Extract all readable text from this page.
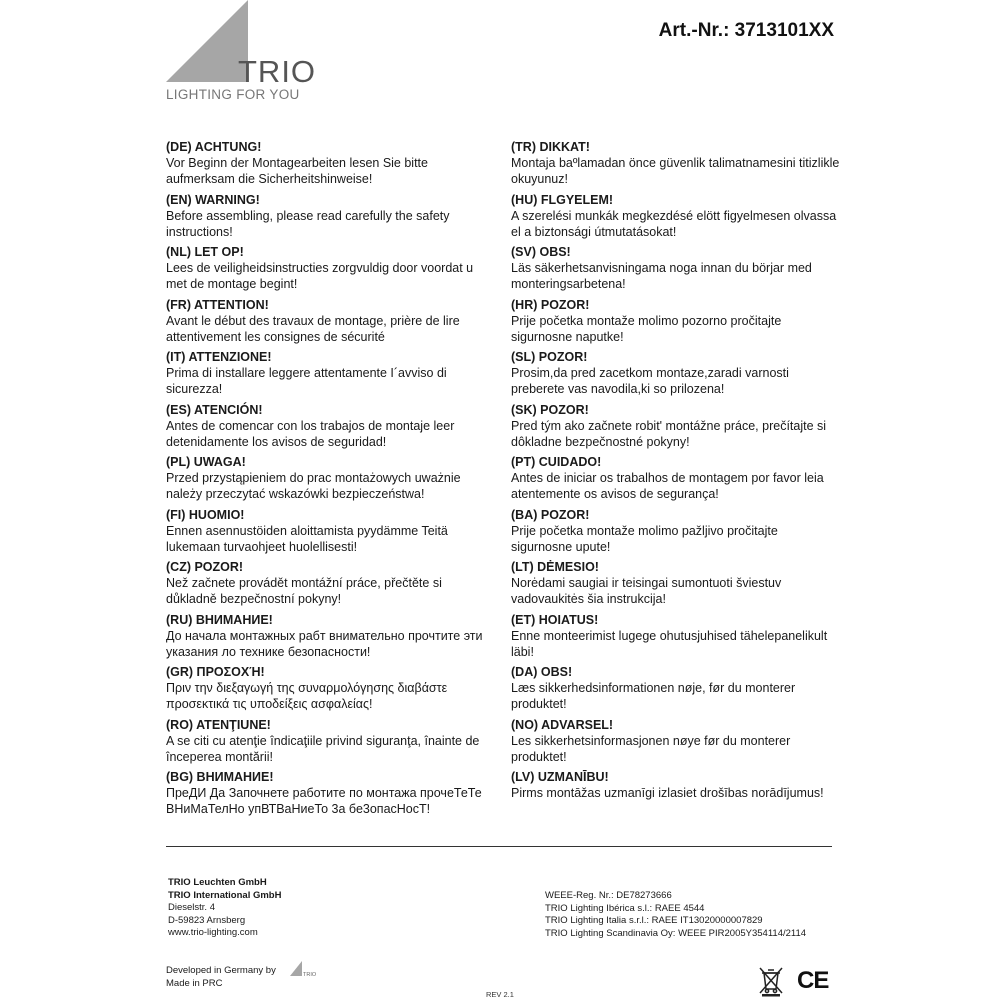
TRIO
LIGHTING FOR YOU
Art.-Nr.: 3713101XX
(DE) ACHTUNG!
Vor Beginn der Montagearbeiten lesen Sie bitte aufmerksam die Sicherheitshinweise!
(EN) WARNING!
Before assembling, please read carefully the safety instructions!
(NL) LET OP!
Lees de veiligheidsinstructies zorgvuldig door voordat u met de montage begint!
(FR) ATTENTION!
Avant le début des travaux de montage, prière de lire attentivement les consignes de sécurité
(IT) ATTENZIONE!
Prima di installare leggere attentamente I´avviso di sicurezza!
(ES) ATENCIÓN!
Antes de comencar con los trabajos de montaje leer detenidamente los avisos de seguridad!
(PL) UWAGA!
Przed przystąpieniem do prac montażowych uważnie należy przeczytać wskazówki bezpieczeństwa!
(FI) HUOMIO!
Ennen asennustöiden aloittamista pyydämme Teitä lukemaan turvaohjeet huolellisesti!
(CZ) POZOR!
Než začnete provádět montážní práce, přečtěte si důkladně bezpečnostní pokyny!
(RU) ВНИМАНИЕ!
До начала монтажных рабт внимательно прочтите эти указания ло технике безопасности!
(GR) ΠΡΟΣΟΧΉ!
Πριν την διεξαγωγή της συναρμολόγησης διαβάστε προσεκτικά τις υποδείξεις ασφαλείας!
(RO) ATENŢIUNE!
A se citi cu atenţie îndicaţiile privind siguranţa, înainte de începerea montării!
(BG) ВНИМАНИЕ!
ПреДИ Да Започнете работите по монтажа прочеТеТе ВНиМаТелНо упВТВаНиеТо 3а бе3опасНосТ!
(TR) DIKKAT!
Montaja baºlamadan önce güvenlik talimatnamesini titizlikle okuyunuz!
(HU) FLGYELEM!
A szerelési munkák megkezdésé elött figyelmesen olvassa el a biztonsági útmutatásokat!
(SV) OBS!
Läs säkerhetsanvisningama noga innan du börjar med monteringsarbetena!
(HR) POZOR!
Prije početka montaže molimo pozorno pročitajte sigurnosne naputke!
(SL) POZOR!
Prosim,da pred zacetkom montaze,zaradi varnosti preberete vas navodila,ki so prilozena!
(SK) POZOR!
Pred tým ako začnete robit' montážne práce, prečítajte si dôkladne bezpečnostné pokyny!
(PT) CUIDADO!
Antes de iniciar os trabalhos de montagem por favor leia atentemente os avisos de segurança!
(BA) POZOR!
Prije početka montaže molimo pažljivo pročitajte sigurnosne upute!
(LT) DĖMESIO!
Norėdami saugiai ir teisingai sumontuoti šviestuv vadovaukitės šia instrukcija!
(ET) HOIATUS!
Enne monteerimist lugege ohutusjuhised tähelepanelikult läbi!
(DA) OBS!
Læs sikkerhedsinformationen nøje, før du monterer produktet!
(NO) ADVARSEL!
Les sikkerhetsinformasjonen nøye før du monterer produktet!
(LV) UZMANĪBU!
Pirms montāžas uzmanīgi izlasiet drošības norādījumus!
TRIO Leuchten GmbH
TRIO International GmbH
Dieselstr. 4
D-59823 Arnsberg
www.trio-lighting.com
WEEE-Reg. Nr.: DE78273666
TRIO Lighting Ibérica s.l.: RAEE 4544
TRIO Lighting Italia s.r.l.: RAEE IT13020000007829
TRIO Lighting Scandinavia Oy: WEEE PIR2005Y354114/2114
Developed in Germany by
Made in PRC
TRIO
REV 2.1
CE
